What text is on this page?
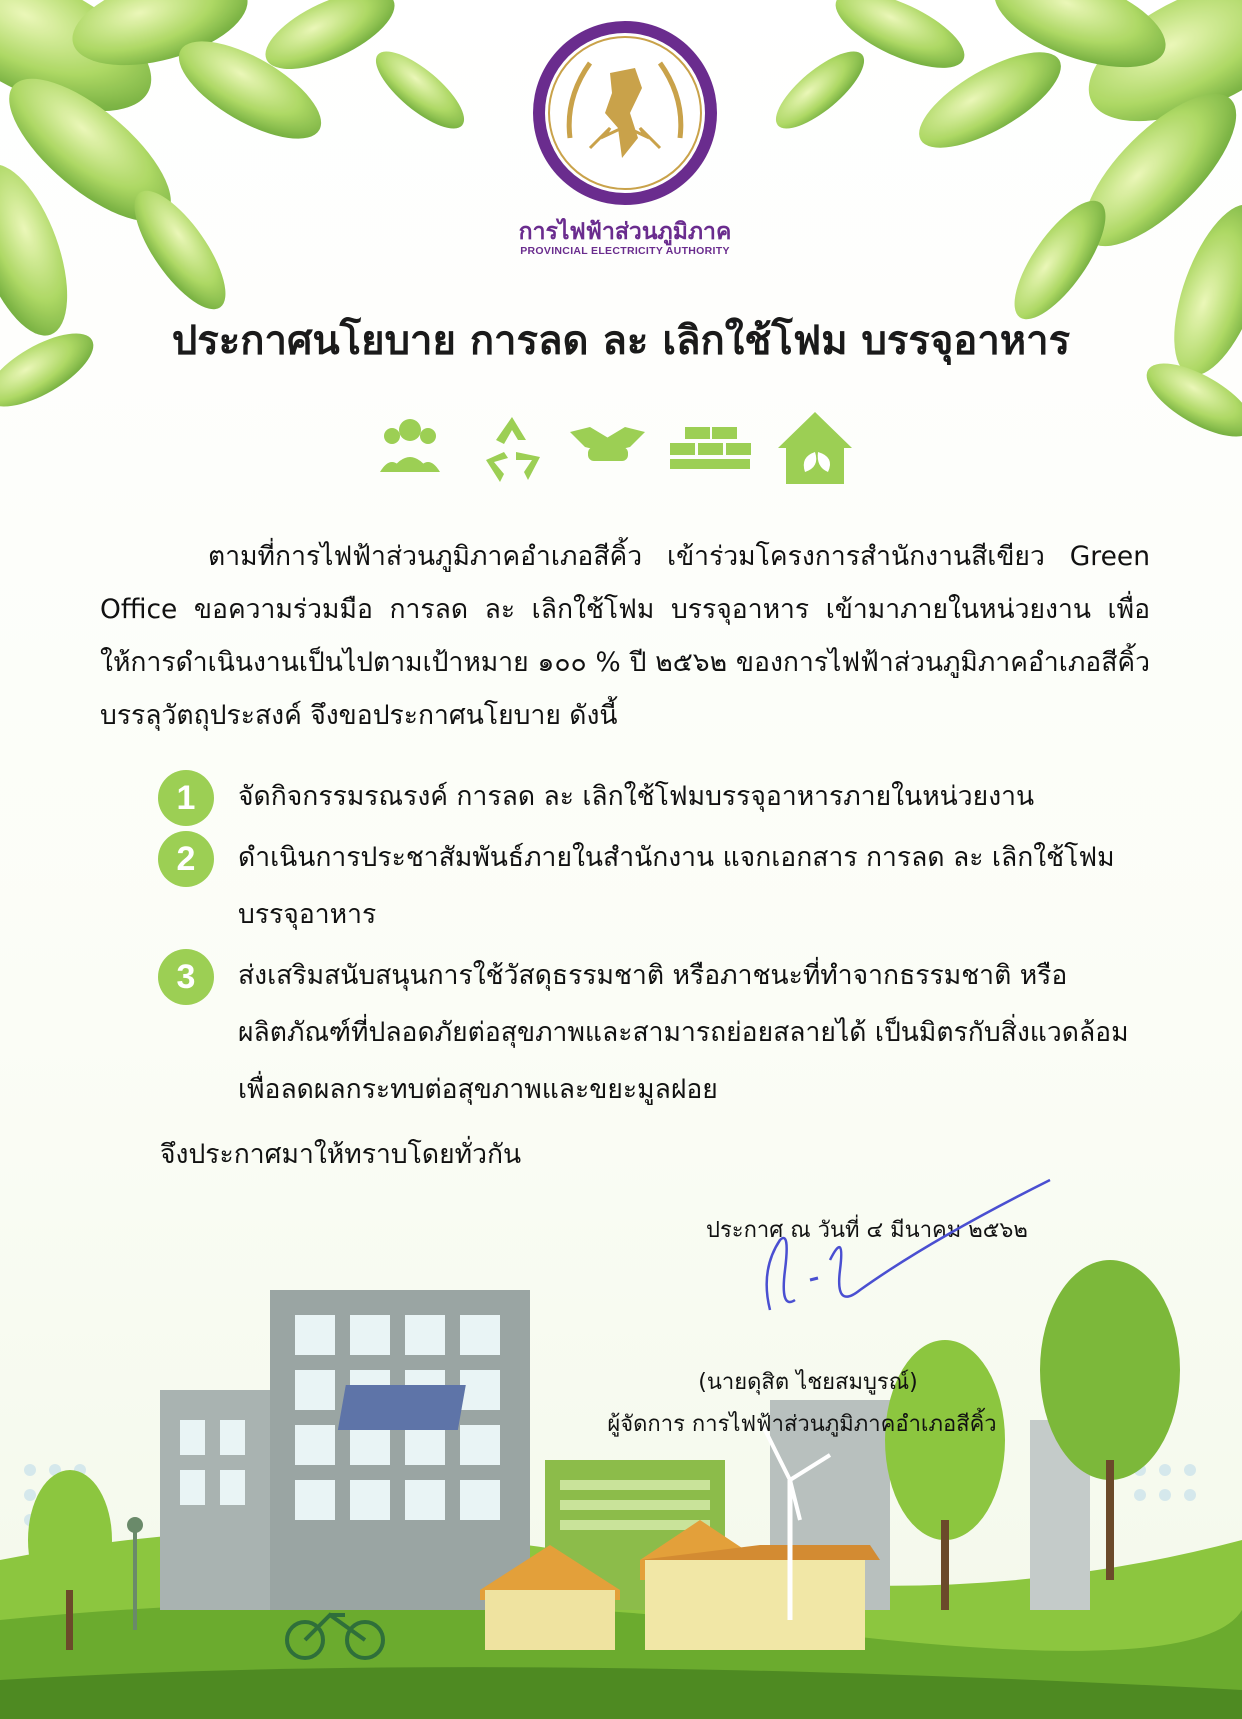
การไฟฟ้าส่วนภูมิภาค
PROVINCIAL ELECTRICITY AUTHORITY
ประกาศนโยบาย การลด ละ เลิกใช้โฟม บรรจุอาหาร

ตามที่การไฟฟ้าส่วนภูมิภาคอำเภอสีคิ้ว เข้าร่วมโครงการสำนักงานสีเขียว Green Office ขอความร่วมมือ การลด ละ เลิกใช้โฟม บรรจุอาหาร เข้ามาภายในหน่วยงาน เพื่อให้การดำเนินงานเป็นไปตามเป้าหมาย ๑๐๐ % ปี ๒๕๖๒ ของการไฟฟ้าส่วนภูมิภาคอำเภอสีคิ้ว บรรลุวัตถุประสงค์ จึงขอประกาศนโยบาย ดังนี้

1	จัดกิจกรรมรณรงค์ การลด ละ เลิกใช้โฟมบรรจุอาหารภายในหน่วยงาน
2	ดำเนินการประชาสัมพันธ์ภายในสำนักงาน แจกเอกสาร การลด ละ เลิกใช้โฟมบรรจุอาหาร
3	ส่งเสริมสนับสนุนการใช้วัสดุธรรมชาติ หรือภาชนะที่ทำจากธรรมชาติ หรือผลิตภัณฑ์ที่ปลอดภัยต่อสุขภาพและสามารถย่อยสลายได้ เป็นมิตรกับสิ่งแวดล้อม เพื่อลดผลกระทบต่อสุขภาพและขยะมูลฝอย
จึงประกาศมาให้ทราบโดยทั่วกัน
ประกาศ ณ วันที่ ๔ มีนาคม ๒๕๖๒
(นายดุสิต ไชยสมบูรณ์)
ผู้จัดการ การไฟฟ้าส่วนภูมิภาคอำเภอสีคิ้ว
